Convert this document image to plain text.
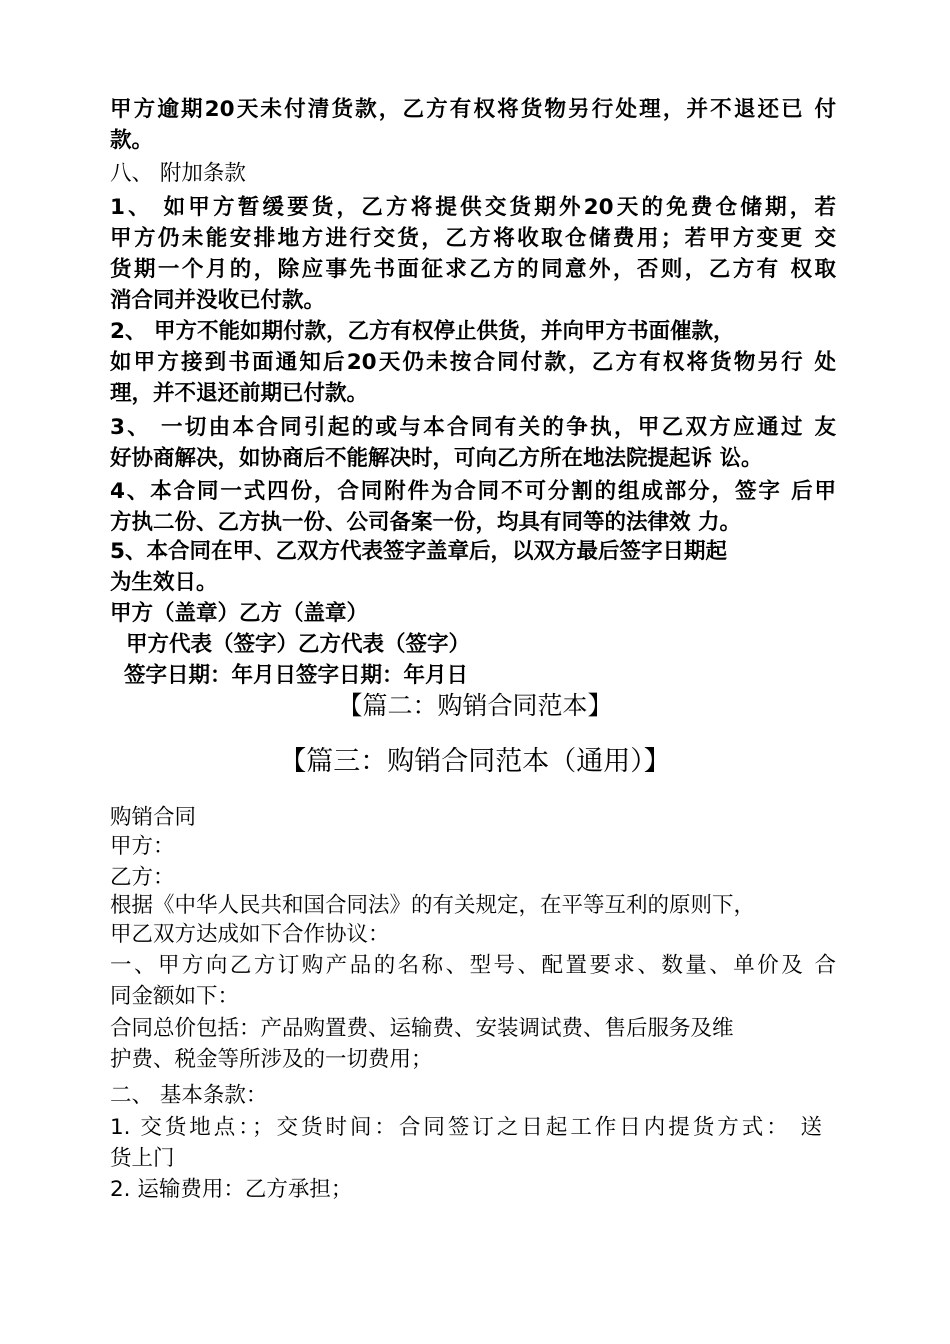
甲方逾期20天未付清货款，乙方有权将货物另行处理，并不退还已 付
款。
八、 附加条款
1、 如甲方暂缓要货，乙方将提供交货期外20天的免费仓储期，若
甲方仍未能安排地方进行交货，乙方将收取仓储费用；若甲方变更 交
货期一个月的，除应事先书面征求乙方的同意外，否则，乙方有 权取
消合同并没收已付款。
2、 甲方不能如期付款，乙方有权停止供货，并向甲方书面催款，
如甲方接到书面通知后20天仍未按合同付款，乙方有权将货物另行 处
理，并不退还前期已付款。
3、 一切由本合同引起的或与本合同有关的争执，甲乙双方应通过 友
好协商解决，如协商后不能解决时，可向乙方所在地法院提起诉 讼。
4、本合同一式四份，合同附件为合同不可分割的组成部分，签字 后甲
方执二份、乙方执一份、公司备案一份，均具有同等的法律效 力。
5、本合同在甲、乙双方代表签字盖章后，以双方最后签字日期起
为生效日。
甲方（盖章）乙方（盖章）
甲方代表（签字）乙方代表（签字）
签字日期：年月日签字日期：年月日
【篇二：购销合同范本】
【篇三：购销合同范本（通用）】
购销合同
甲方：
乙方：
根据《中华人民共和国合同法》的有关规定，在平等互利的原则下，
甲乙双方达成如下合作协议：
一、甲方向乙方订购产品的名称、型号、配置要求、数量、单价及 合
同金额如下：
合同总价包括：产品购置费、运输费、安装调试费、售后服务及维
护费、税金等所涉及的一切费用；
二、 基本条款：
1. 交货地点：；交货时间：合同签订之日起工作日内提货方式： 送
货上门
2. 运输费用：乙方承担；
